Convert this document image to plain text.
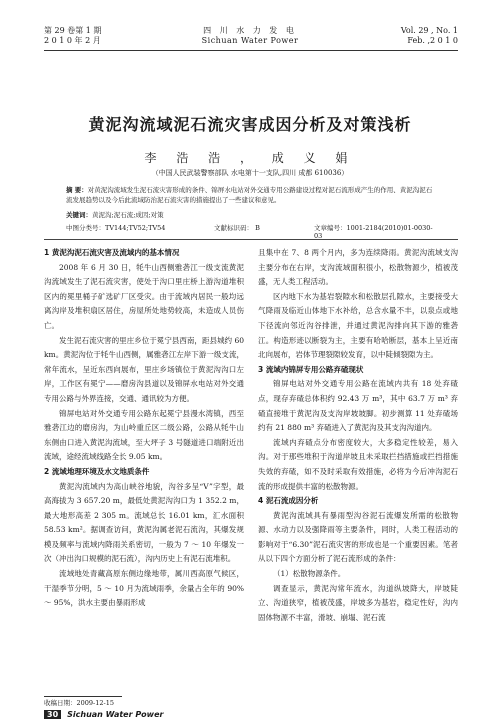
第 29 卷第 1 期
2 0 1 0 年 2 月
四 川 水 力 发 电
Sichuan Water Power
Vol. 29 , No. 1
Feb. ,2 0 1 0
黄泥沟流域泥石流灾害成因分析及对策浅析
李 浩 浩 ， 成 义 娟
（中国人民武装警察部队 水电第十一支队,四川 成都 610036）
摘 要：对黄泥沟流域发生泥石流灾害形成的条件、锦屏水电站对外交通专用公路建设过程对泥石流形成产生的作用、黄泥沟泥石流发展趋势以及今后此流域防治泥石流灾害的措施提出了一些建议和意见。
关键词：黄泥沟;泥石流;成因;对策
中图分类号：TV144;TV52;TV54	文献标识码： B	文章编号：1001-2184(2010)01-0030-03
1 黄泥沟泥石流灾害及流域内的基本情况

2008 年 6 月 30 日，牦牛山西侧雅砻江一级支流黄泥沟流域发生了泥石流灾害，使处于沟口里庄桥上游沟道堆积区内的冕里桶子矿选矿厂区受灾。由于流域内居民一般均远离沟岸及堆积扇区居住，房屋所处地势较高，未造成人员伤亡。

发生泥石流灾害的里庄乡位于冕宁县西南，距县城约 60 km。黄泥沟位于牦牛山西侧，属雅砻江左岸下游一级支流，常年流水，呈近东西向展布，里庄乡场镇位于黄泥沟沟口左岸，工作区有冕宁——磨房沟县道以及锦屏水电站对外交通专用公路与外界连接，交通、通讯较为方便。

锦屏电站对外交通专用公路东起冕宁县漫水湾镇，西至雅砻江边的磨房沟，为山岭重丘区二级公路，公路从牦牛山东侧由口进入黄泥沟流域，至大坪子 3 号隧道进口端附近出流域，途经流域线路全长 9.05 km。

2 流域地理环境及水文地质条件

黄泥沟流域内为高山峡谷地貌，沟谷多呈“V”字型，最高海拔为 3 657.20 m，最低处黄泥沟沟口为 1 352.2 m，最大地形高差 2 305 m。流域总长 16.01 km，汇水面积 58.53 km²。据调查访问，黄泥沟属老泥石流沟，其爆发规模及频率与流域内降雨关系密切，一般为 7 ～ 10 年爆发一次（冲出沟口规模的泥石流），沟内历史上有泥石流堆积。

流域地处青藏高原东侧边缘地带，属川西高原气候区，干湿季节分明，5 ～ 10 月为流域雨季，余量占全年的 90% ～ 95%，洪水主要由暴雨形成

且集中在 7、8 两个月内，多为连续降雨。黄泥沟流域支沟主要分布在右岸，支沟流域面积很小，松散物源少，植被茂盛，无人类工程活动。

区内地下水为基岩裂隙水和松散层孔隙水，主要接受大气降雨及临近山体地下水补给，总含水量不丰，以泉点或地下径流向邻近沟谷排泄，并通过黄泥沟排向其下游的雅砻江。构造形迹以断裂为主，主要有哈哈断层，基本上呈近南北向展布，岩体节理裂隙较发育，以中陡倾裂隙为主。

3 流域内锦屏专用公路弃碴现状

锦屏电站对外交通专用公路在流域内共有 18 处弃碴点，现存弃碴总体积约 92.43 万 m³，其中 63.7 万 m³ 弃碴直接堆于黄泥沟及支沟岸坡坡脚。初步测算 11 处弃碴场约有 21 880 m³ 弃碴进入了黄泥沟及其支沟沟道内。

流域内弃碴点分布密度较大，大多稳定性较差，易入沟。对于那些堆积于沟道岸坡且未采取拦挡措施或拦挡措施失效的弃碴，如不及时采取有效措施，必将为今后冲沟泥石流的形成提供丰富的松散物源。

4 泥石流成因分析

黄泥沟流域具有暴雨型沟谷泥石流爆发所需的松散物源、水动力以及强降雨等主要条件，同时，人类工程活动的影响对于“6.30”泥石流灾害的形成也是一个重要因素。笔者从以下四个方面分析了泥石流形成的条件：

（1）松散物源条件。

调查显示，黄泥沟常年流水，沟道纵坡降大，岸坡陡立、沟道狭窄，植被茂盛，岸坡多为基岩，稳定性好，沟内固体物源不丰富，滑坡、崩塌、泥石流

收稿日期：2009-12-15
30 Sichuan Water Power
